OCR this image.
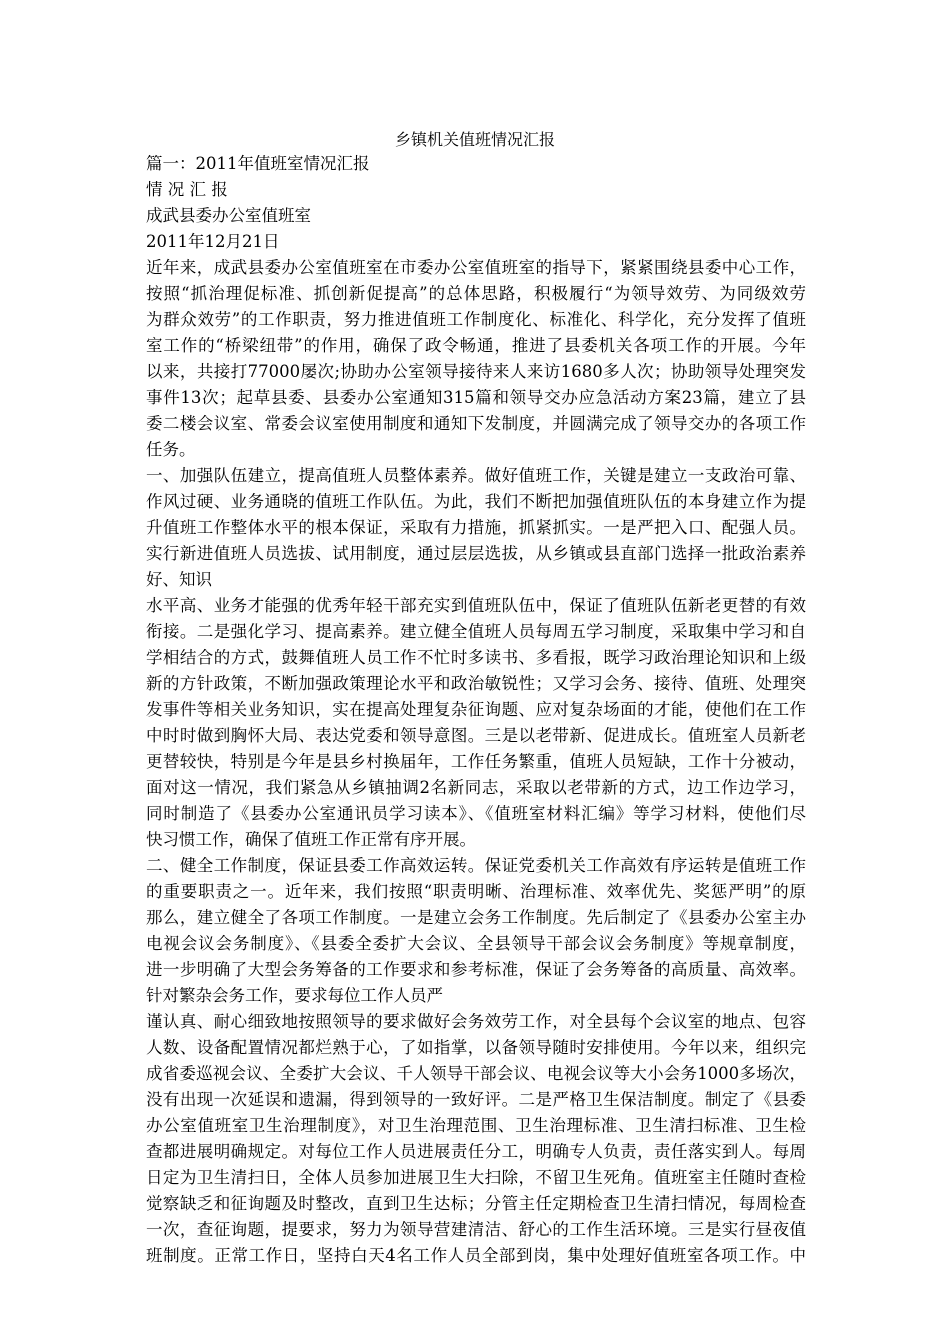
乡镇机关值班情况汇报
篇一：2011年值班室情况汇报
情 况 汇 报
成武县委办公室值班室
2011年12月21日
近年来，成武县委办公室值班室在市委办公室值班室的指导下，紧紧围绕县委中心工作，
按照“抓治理促标准、抓创新促提高”的总体思路，积极履行“为领导效劳、为同级效劳
为群众效劳”的工作职责，努力推进值班工作制度化、标准化、科学化，充分发挥了值班
室工作的“桥梁纽带”的作用，确保了政令畅通，推进了县委机关各项工作的开展。今年
以来，共接打77000屡次;协助办公室领导接待来人来访1680多人次；协助领导处理突发
事件13次；起草县委、县委办公室通知315篇和领导交办应急活动方案23篇，建立了县
委二楼会议室、常委会议室使用制度和通知下发制度，并圆满完成了领导交办的各项工作
任务。
一、加强队伍建立，提高值班人员整体素养。做好值班工作，关键是建立一支政治可靠、
作风过硬、业务通晓的值班工作队伍。为此，我们不断把加强值班队伍的本身建立作为提
升值班工作整体水平的根本保证，采取有力措施，抓紧抓实。一是严把入口、配强人员。
实行新进值班人员选拔、试用制度，通过层层选拔，从乡镇或县直部门选择一批政治素养
好、知识
水平高、业务才能强的优秀年轻干部充实到值班队伍中，保证了值班队伍新老更替的有效
衔接。二是强化学习、提高素养。建立健全值班人员每周五学习制度，采取集中学习和自
学相结合的方式，鼓舞值班人员工作不忙时多读书、多看报，既学习政治理论知识和上级
新的方针政策，不断加强政策理论水平和政治敏锐性；又学习会务、接待、值班、处理突
发事件等相关业务知识，实在提高处理复杂征询题、应对复杂场面的才能，使他们在工作
中时时做到胸怀大局、表达党委和领导意图。三是以老带新、促进成长。值班室人员新老
更替较快，特别是今年是县乡村换届年，工作任务繁重，值班人员短缺，工作十分被动，
面对这一情况，我们紧急从乡镇抽调2名新同志，采取以老带新的方式，边工作边学习，
同时制造了《县委办公室通讯员学习读本》、《值班室材料汇编》等学习材料，使他们尽
快习惯工作，确保了值班工作正常有序开展。
二、健全工作制度，保证县委工作高效运转。保证党委机关工作高效有序运转是值班工作
的重要职责之一。近年来，我们按照“职责明晰、治理标准、效率优先、奖惩严明”的原
那么，建立健全了各项工作制度。一是建立会务工作制度。先后制定了《县委办公室主办
电视会议会务制度》、《县委全委扩大会议、全县领导干部会议会务制度》等规章制度，
进一步明确了大型会务筹备的工作要求和参考标准，保证了会务筹备的高质量、高效率。
针对繁杂会务工作，要求每位工作人员严
谨认真、耐心细致地按照领导的要求做好会务效劳工作，对全县每个会议室的地点、包容
人数、设备配置情况都烂熟于心，了如指掌，以备领导随时安排使用。今年以来，组织完
成省委巡视会议、全委扩大会议、千人领导干部会议、电视会议等大小会务1000多场次，
没有出现一次延误和遗漏，得到领导的一致好评。二是严格卫生保洁制度。制定了《县委
办公室值班室卫生治理制度》，对卫生治理范围、卫生治理标准、卫生清扫标准、卫生检
查都进展明确规定。对每位工作人员进展责任分工，明确专人负责，责任落实到人。每周
日定为卫生清扫日，全体人员参加进展卫生大扫除，不留卫生死角。值班室主任随时查检
觉察缺乏和征询题及时整改，直到卫生达标；分管主任定期检查卫生清扫情况，每周检查
一次，查征询题，提要求，努力为领导营建清洁、舒心的工作生活环境。三是实行昼夜值
班制度。正常工作日，坚持白天4名工作人员全部到岗，集中处理好值班室各项工作。中
